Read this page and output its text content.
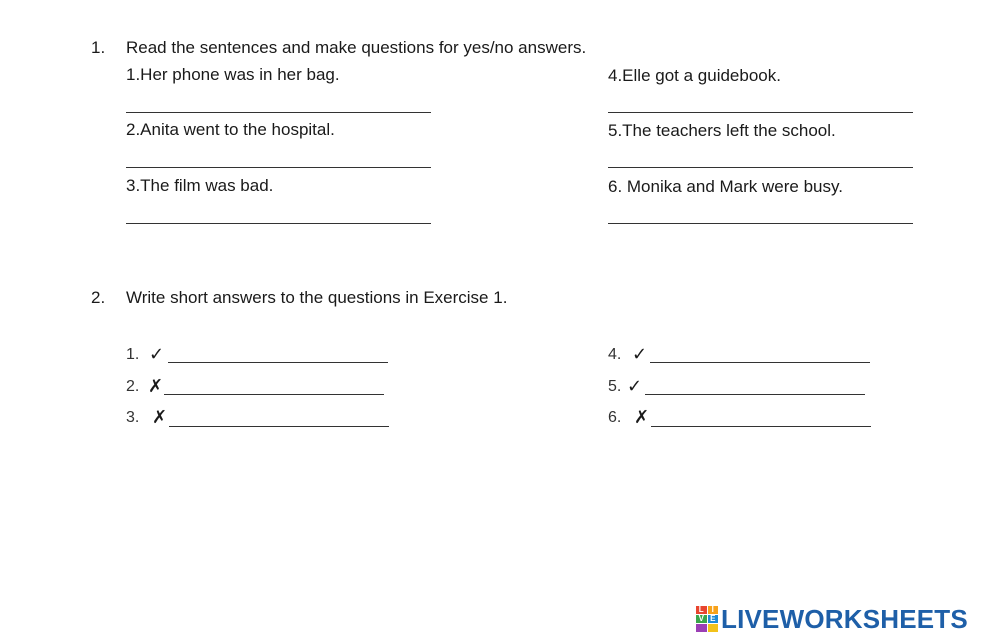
1. Read the sentences and make questions for yes/no answers.
1.Her phone was in her bag.
2.Anita went to the hospital.
3.The film was bad.
4.Elle got a guidebook.
5.The teachers left the school.
6. Monika and Mark were busy.
2. Write short answers to the questions in Exercise 1.
1. ✓
2. ✗
3. ✗
4. ✓
5. ✓
6. ✗
L I
V E LIVEWORKSHEETS
